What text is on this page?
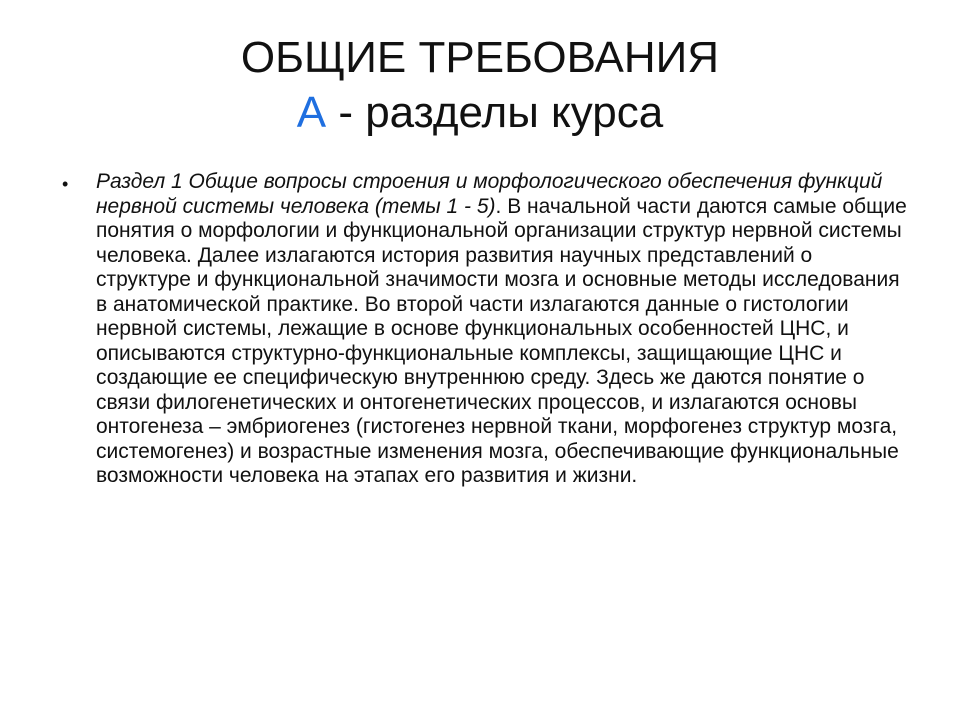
ОБЩИЕ ТРЕБОВАНИЯ
А - разделы курса
• Раздел 1 Общие вопросы строения и морфологического обеспечения функций нервной системы человека (темы 1 - 5). В начальной части даются самые общие понятия о морфологии и функциональной организации структур нервной системы человека. Далее излагаются история развития научных представлений о структуре и функциональной значимости мозга и основные методы исследования в анатомической практике. Во второй части излагаются данные о гистологии нервной системы, лежащие в основе функциональных особенностей ЦНС, и описываются структурно-функциональные комплексы, защищающие ЦНС и создающие ее специфическую внутреннюю среду. Здесь же даются понятие о связи филогенетических и онтогенетических процессов, и излагаются основы онтогенеза – эмбриогенез (гистогенез нервной ткани, морфогенез структур мозга, системогенез) и возрастные изменения мозга, обеспечивающие функциональные возможности человека на этапах его развития и жизни.
